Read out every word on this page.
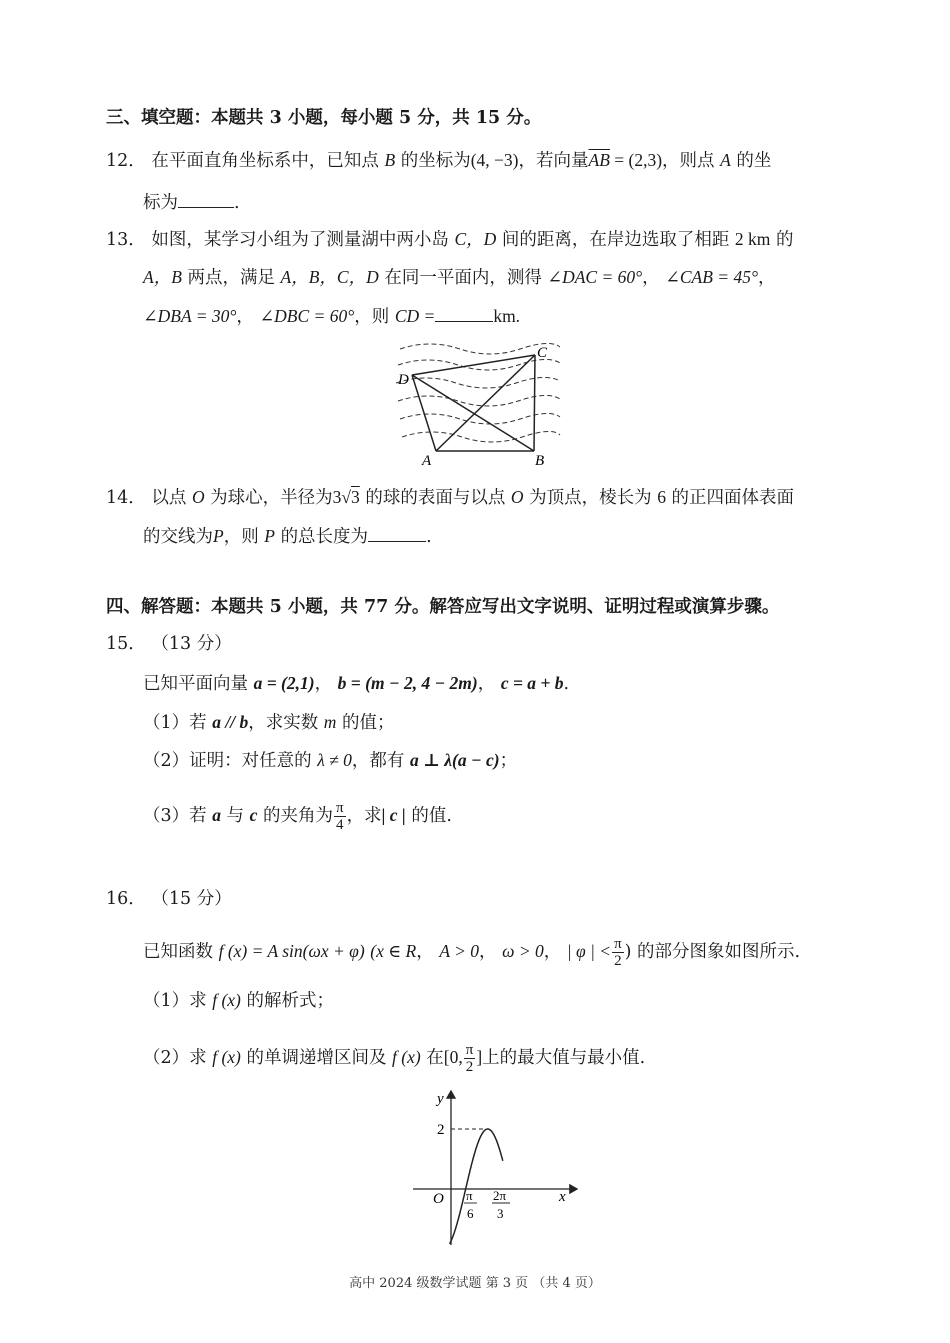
三、填空题：本题共 3 小题，每小题 5 分，共 15 分。
12． 在平面直角坐标系中，已知点 B 的坐标为(4, −3)，若向量$\overline{AB} = (2,3)$，则点 A 的坐
标为	.
13． 如图，某学习小组为了测量湖中两小岛 C，D 间的距离，在岸边选取了相距 2 km 的
A，B 两点，满足 A，B，C，D 在同一平面内，测得 ∠DAC = 60°， ∠CAB = 45°，
∠DBA = 30°， ∠DBC = 60°，则 CD =	km.
C
D
A	B
14． 以点 O 为球心，半径为3√3 的球的表面与以点 O 为顶点，棱长为 6 的正四面体表面
的交线为P，则 P 的总长度为	.
四、解答题：本题共 5 小题，共 77 分。解答应写出文字说明、证明过程或演算步骤。
15． （13 分）
已知平面向量 a = (2,1)， b = (m − 2, 4 − 2m)， c = a + b.
（1）若 a // b，求实数 m 的值；
（2）证明：对任意的 λ ≠ 0，都有 a ⊥ λ(a − c)；
（3）若 a 与 c 的夹角为 $\frac{\pi}{4}$ ，求| c | 的值.
16． （15 分）
已知函数 f (x) = A sin(ωx + φ) (x ∈ R， A > 0， ω > 0， | φ | < $\frac{\pi}{2}$ ) 的部分图象如图所示.
（1）求 f (x) 的解析式；
（2）求 f (x) 的单调递增区间及 f (x) 在[0, $\frac{\pi}{2}$ ]上的最大值与最小值.
y
x
O
2
π
6
2π
3
高中 2024 级数学试题 第 3 页 （共 4 页）
